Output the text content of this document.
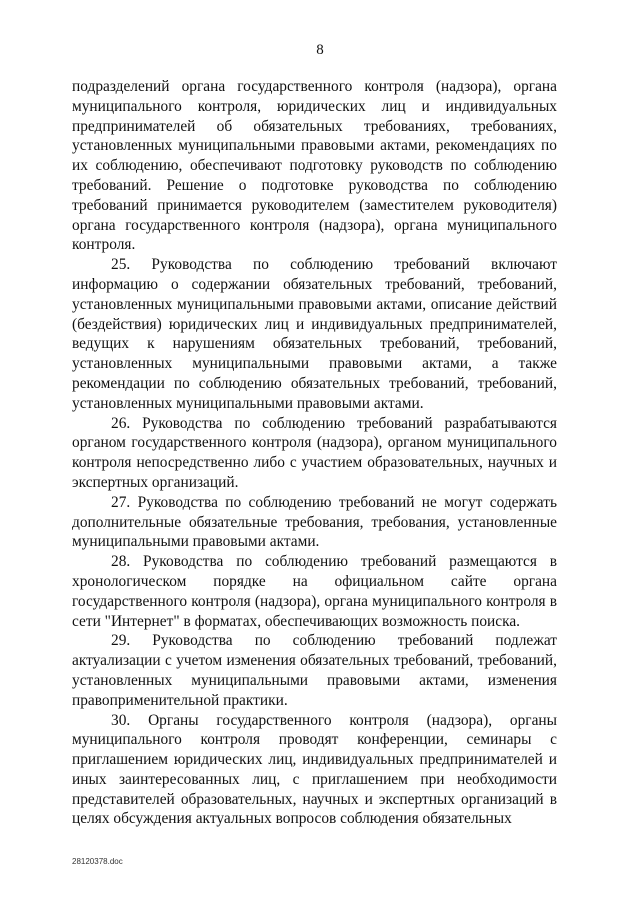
8

подразделений органа государственного контроля (надзора), органа муниципального контроля, юридических лиц и индивидуальных предпринимателей об обязательных требованиях, требованиях, установленных муниципальными правовыми актами, рекомендациях по их соблюдению, обеспечивают подготовку руководств по соблюдению требований. Решение о подготовке руководства по соблюдению требований принимается руководителем (заместителем руководителя) органа государственного контроля (надзора), органа муниципального контроля.

25. Руководства по соблюдению требований включают информацию о содержании обязательных требований, требований, установленных муниципальными правовыми актами, описание действий (бездействия) юридических лиц и индивидуальных предпринимателей, ведущих к нарушениям обязательных требований, требований, установленных муниципальными правовыми актами, а также рекомендации по соблюдению обязательных требований, требований, установленных муниципальными правовыми актами.

26. Руководства по соблюдению требований разрабатываются органом государственного контроля (надзора), органом муниципального контроля непосредственно либо с участием образовательных, научных и экспертных организаций.

27. Руководства по соблюдению требований не могут содержать дополнительные обязательные требования, требования, установленные муниципальными правовыми актами.

28. Руководства по соблюдению требований размещаются в хронологическом порядке на официальном сайте органа государственного контроля (надзора), органа муниципального контроля в сети "Интернет" в форматах, обеспечивающих возможность поиска.

29. Руководства по соблюдению требований подлежат актуализации с учетом изменения обязательных требований, требований, установленных муниципальными правовыми актами, изменения правоприменительной практики.

30. Органы государственного контроля (надзора), органы муниципального контроля проводят конференции, семинары с приглашением юридических лиц, индивидуальных предпринимателей и иных заинтересованных лиц, с приглашением при необходимости представителей образовательных, научных и экспертных организаций в целях обсуждения актуальных вопросов соблюдения обязательных

28120378.doc
